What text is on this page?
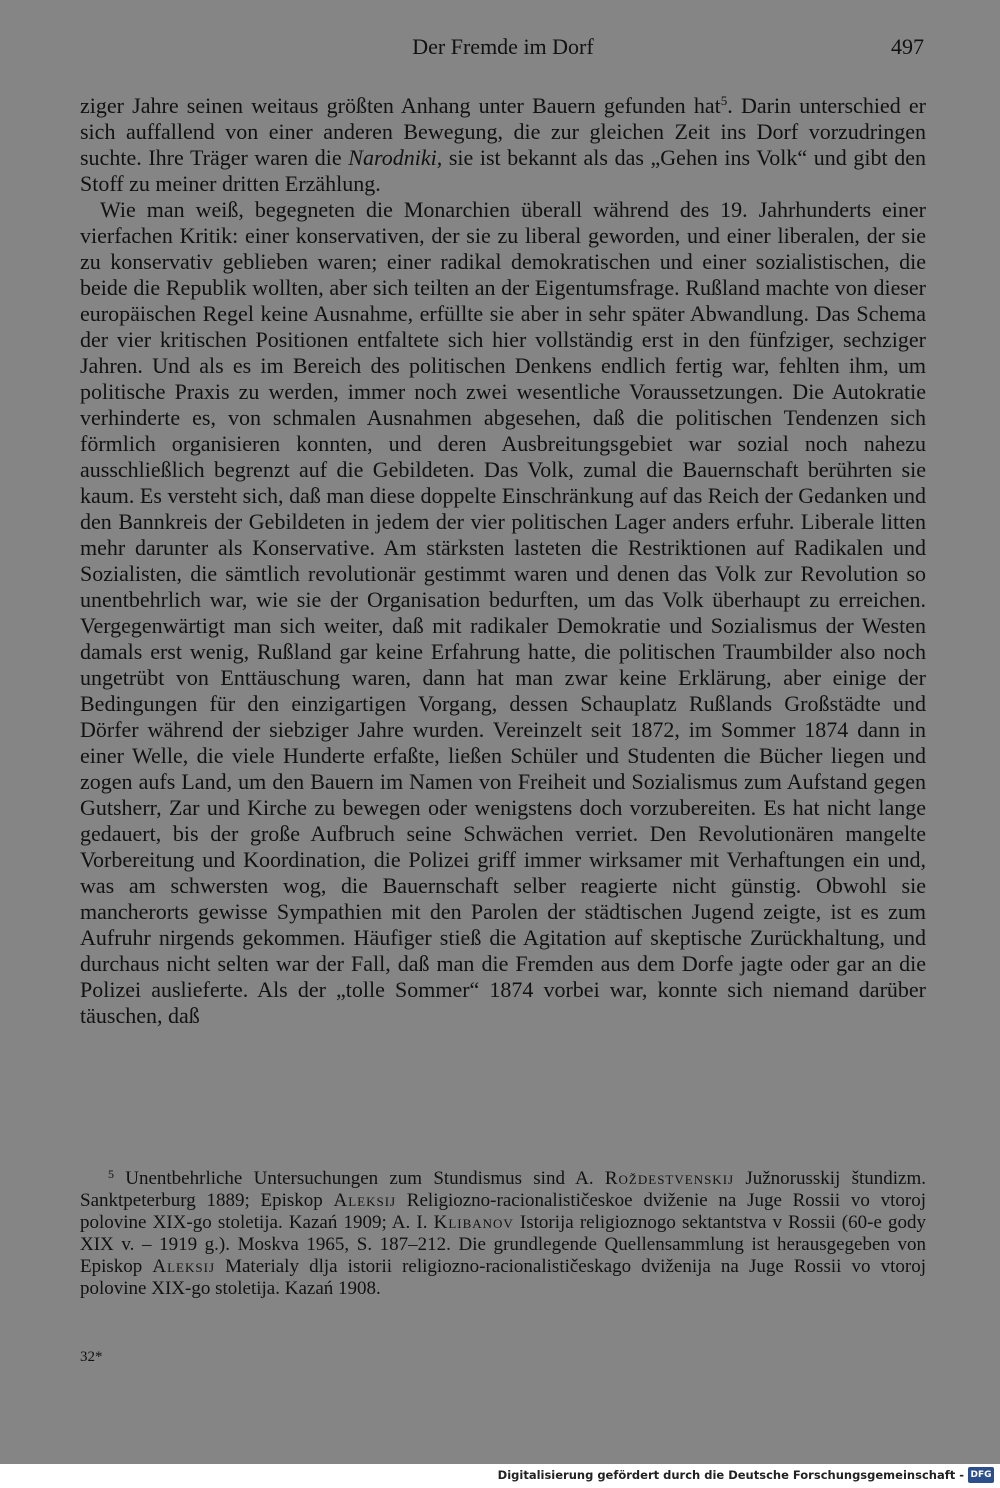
Der Fremde im Dorf	497

ziger Jahre seinen weitaus größten Anhang unter Bauern gefunden hat$^5$. Darin unterschied er sich auffallend von einer anderen Bewegung, die zur gleichen Zeit ins Dorf vorzudringen suchte. Ihre Träger waren die Narodniki, sie ist bekannt als das „Gehen ins Volk“ und gibt den Stoff zu meiner dritten Erzählung.

Wie man weiß, begegneten die Monarchien überall während des 19. Jahrhunderts einer vierfachen Kritik: einer konservativen, der sie zu liberal geworden, und einer liberalen, der sie zu konservativ geblieben waren; einer radikal demokratischen und einer sozialistischen, die beide die Republik wollten, aber sich teilten an der Eigentumsfrage. Rußland machte von dieser europäischen Regel keine Ausnahme, erfüllte sie aber in sehr später Abwandlung. Das Schema der vier kritischen Positionen entfaltete sich hier vollständig erst in den fünfziger, sechziger Jahren. Und als es im Bereich des politischen Denkens endlich fertig war, fehlten ihm, um politische Praxis zu werden, immer noch zwei wesentliche Voraussetzungen. Die Autokratie verhinderte es, von schmalen Ausnahmen abgesehen, daß die politischen Tendenzen sich förmlich organisieren konnten, und deren Ausbreitungsgebiet war sozial noch nahezu ausschließlich begrenzt auf die Gebildeten. Das Volk, zumal die Bauernschaft berührten sie kaum. Es versteht sich, daß man diese doppelte Einschränkung auf das Reich der Gedanken und den Bannkreis der Gebildeten in jedem der vier politischen Lager anders erfuhr. Liberale litten mehr darunter als Konservative. Am stärksten lasteten die Restriktionen auf Radikalen und Sozialisten, die sämtlich revolutionär gestimmt waren und denen das Volk zur Revolution so unentbehrlich war, wie sie der Organisation bedurften, um das Volk überhaupt zu erreichen. Vergegenwärtigt man sich weiter, daß mit radikaler Demokratie und Sozialismus der Westen damals erst wenig, Rußland gar keine Erfahrung hatte, die politischen Traumbilder also noch ungetrübt von Enttäuschung waren, dann hat man zwar keine Erklärung, aber einige der Bedingungen für den einzigartigen Vorgang, dessen Schauplatz Rußlands Großstädte und Dörfer während der siebziger Jahre wurden. Vereinzelt seit 1872, im Sommer 1874 dann in einer Welle, die viele Hunderte erfaßte, ließen Schüler und Studenten die Bücher liegen und zogen aufs Land, um den Bauern im Namen von Freiheit und Sozialismus zum Aufstand gegen Gutsherr, Zar und Kirche zu bewegen oder wenigstens doch vorzubereiten. Es hat nicht lange gedauert, bis der große Aufbruch seine Schwächen verriet. Den Revolutionären mangelte Vorbereitung und Koordination, die Polizei griff immer wirksamer mit Verhaftungen ein und, was am schwersten wog, die Bauernschaft selber reagierte nicht günstig. Obwohl sie mancherorts gewisse Sympathien mit den Parolen der städtischen Jugend zeigte, ist es zum Aufruhr nirgends gekommen. Häufiger stieß die Agitation auf skeptische Zurückhaltung, und durchaus nicht selten war der Fall, daß man die Fremden aus dem Dorfe jagte oder gar an die Polizei auslieferte. Als der „tolle Sommer“ 1874 vorbei war, konnte sich niemand darüber täuschen, daß

$^5$ Unentbehrliche Untersuchungen zum Stundismus sind A. Roždestvenskij Južnorusskij štundizm. Sanktpeterburg 1889; Episkop Aleksij Religiozno-racionalističeskoe dviženie na Juge Rossii vo vtoroj polovine XIX-go stoletija. Kazań 1909; A. I. Klibanov Istorija religioznogo sektantstva v Rossii (60-e gody XIX v. – 1919 g.). Moskva 1965, S. 187–212. Die grundlegende Quellensammlung ist herausgegeben von Episkop Aleksij Materialy dlja istorii religiozno-racionalističeskago dviženija na Juge Rossii vo vtoroj polovine XIX-go stoletija. Kazań 1908.

32*
Digitalisierung gefördert durch die Deutsche Forschungsgemeinschaft - DFG
